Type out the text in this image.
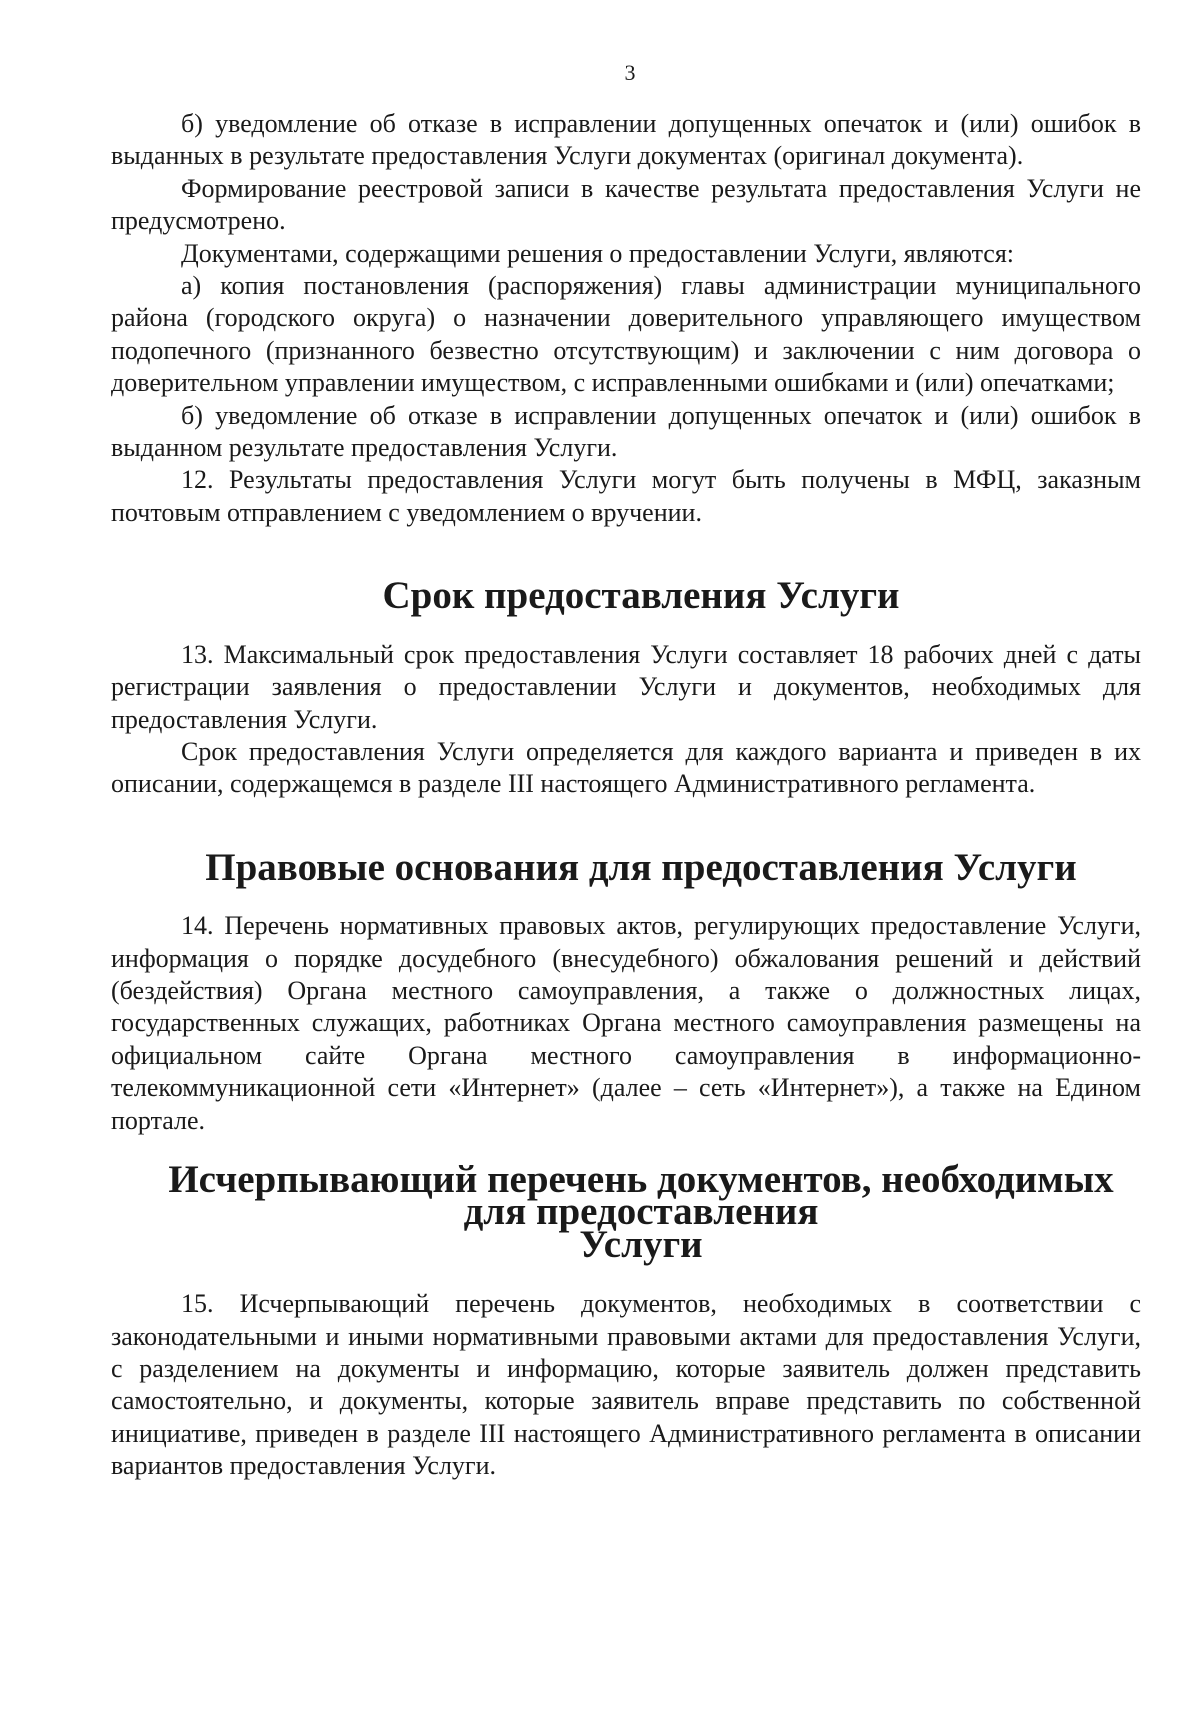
3

б) уведомление об отказе в исправлении допущенных опечаток и (или) ошибок в выданных в результате предоставления Услуги документах (оригинал документа).

Формирование реестровой записи в качестве результата предоставления Услуги не предусмотрено.

Документами, содержащими решения о предоставлении Услуги, являются:

а) копия постановления (распоряжения) главы администрации муниципального района (городского округа) о назначении доверительного управляющего имуществом подопечного (признанного безвестно отсутствующим) и заключении с ним договора о доверительном управлении имуществом, с исправленными ошибками и (или) опечатками;

б) уведомление об отказе в исправлении допущенных опечаток и (или) ошибок в выданном результате предоставления Услуги.

12. Результаты предоставления Услуги могут быть получены в МФЦ, заказным почтовым отправлением с уведомлением о вручении.

Срок предоставления Услуги

13. Максимальный срок предоставления Услуги составляет 18 рабочих дней с даты регистрации заявления о предоставлении Услуги и документов, необходимых для предоставления Услуги.

Срок предоставления Услуги определяется для каждого варианта и приведен в их описании, содержащемся в разделе III настоящего Административного регламента.

Правовые основания для предоставления Услуги

14. Перечень нормативных правовых актов, регулирующих предоставление Услуги, информация о порядке досудебного (внесудебного) обжалования решений и действий (бездействия) Органа местного самоуправления, а также о должностных лицах, государственных служащих, работниках Органа местного самоуправления размещены на официальном сайте Органа местного самоуправления в информационно-телекоммуникационной сети «Интернет» (далее – сеть «Интернет»), а также на Едином портале.

Исчерпывающий перечень документов, необходимых для предоставления
Услуги

15. Исчерпывающий перечень документов, необходимых в соответствии с законодательными и иными нормативными правовыми актами для предоставления Услуги, с разделением на документы и информацию, которые заявитель должен представить самостоятельно, и документы, которые заявитель вправе представить по собственной инициативе, приведен в разделе III настоящего Административного регламента в описании вариантов предоставления Услуги.
